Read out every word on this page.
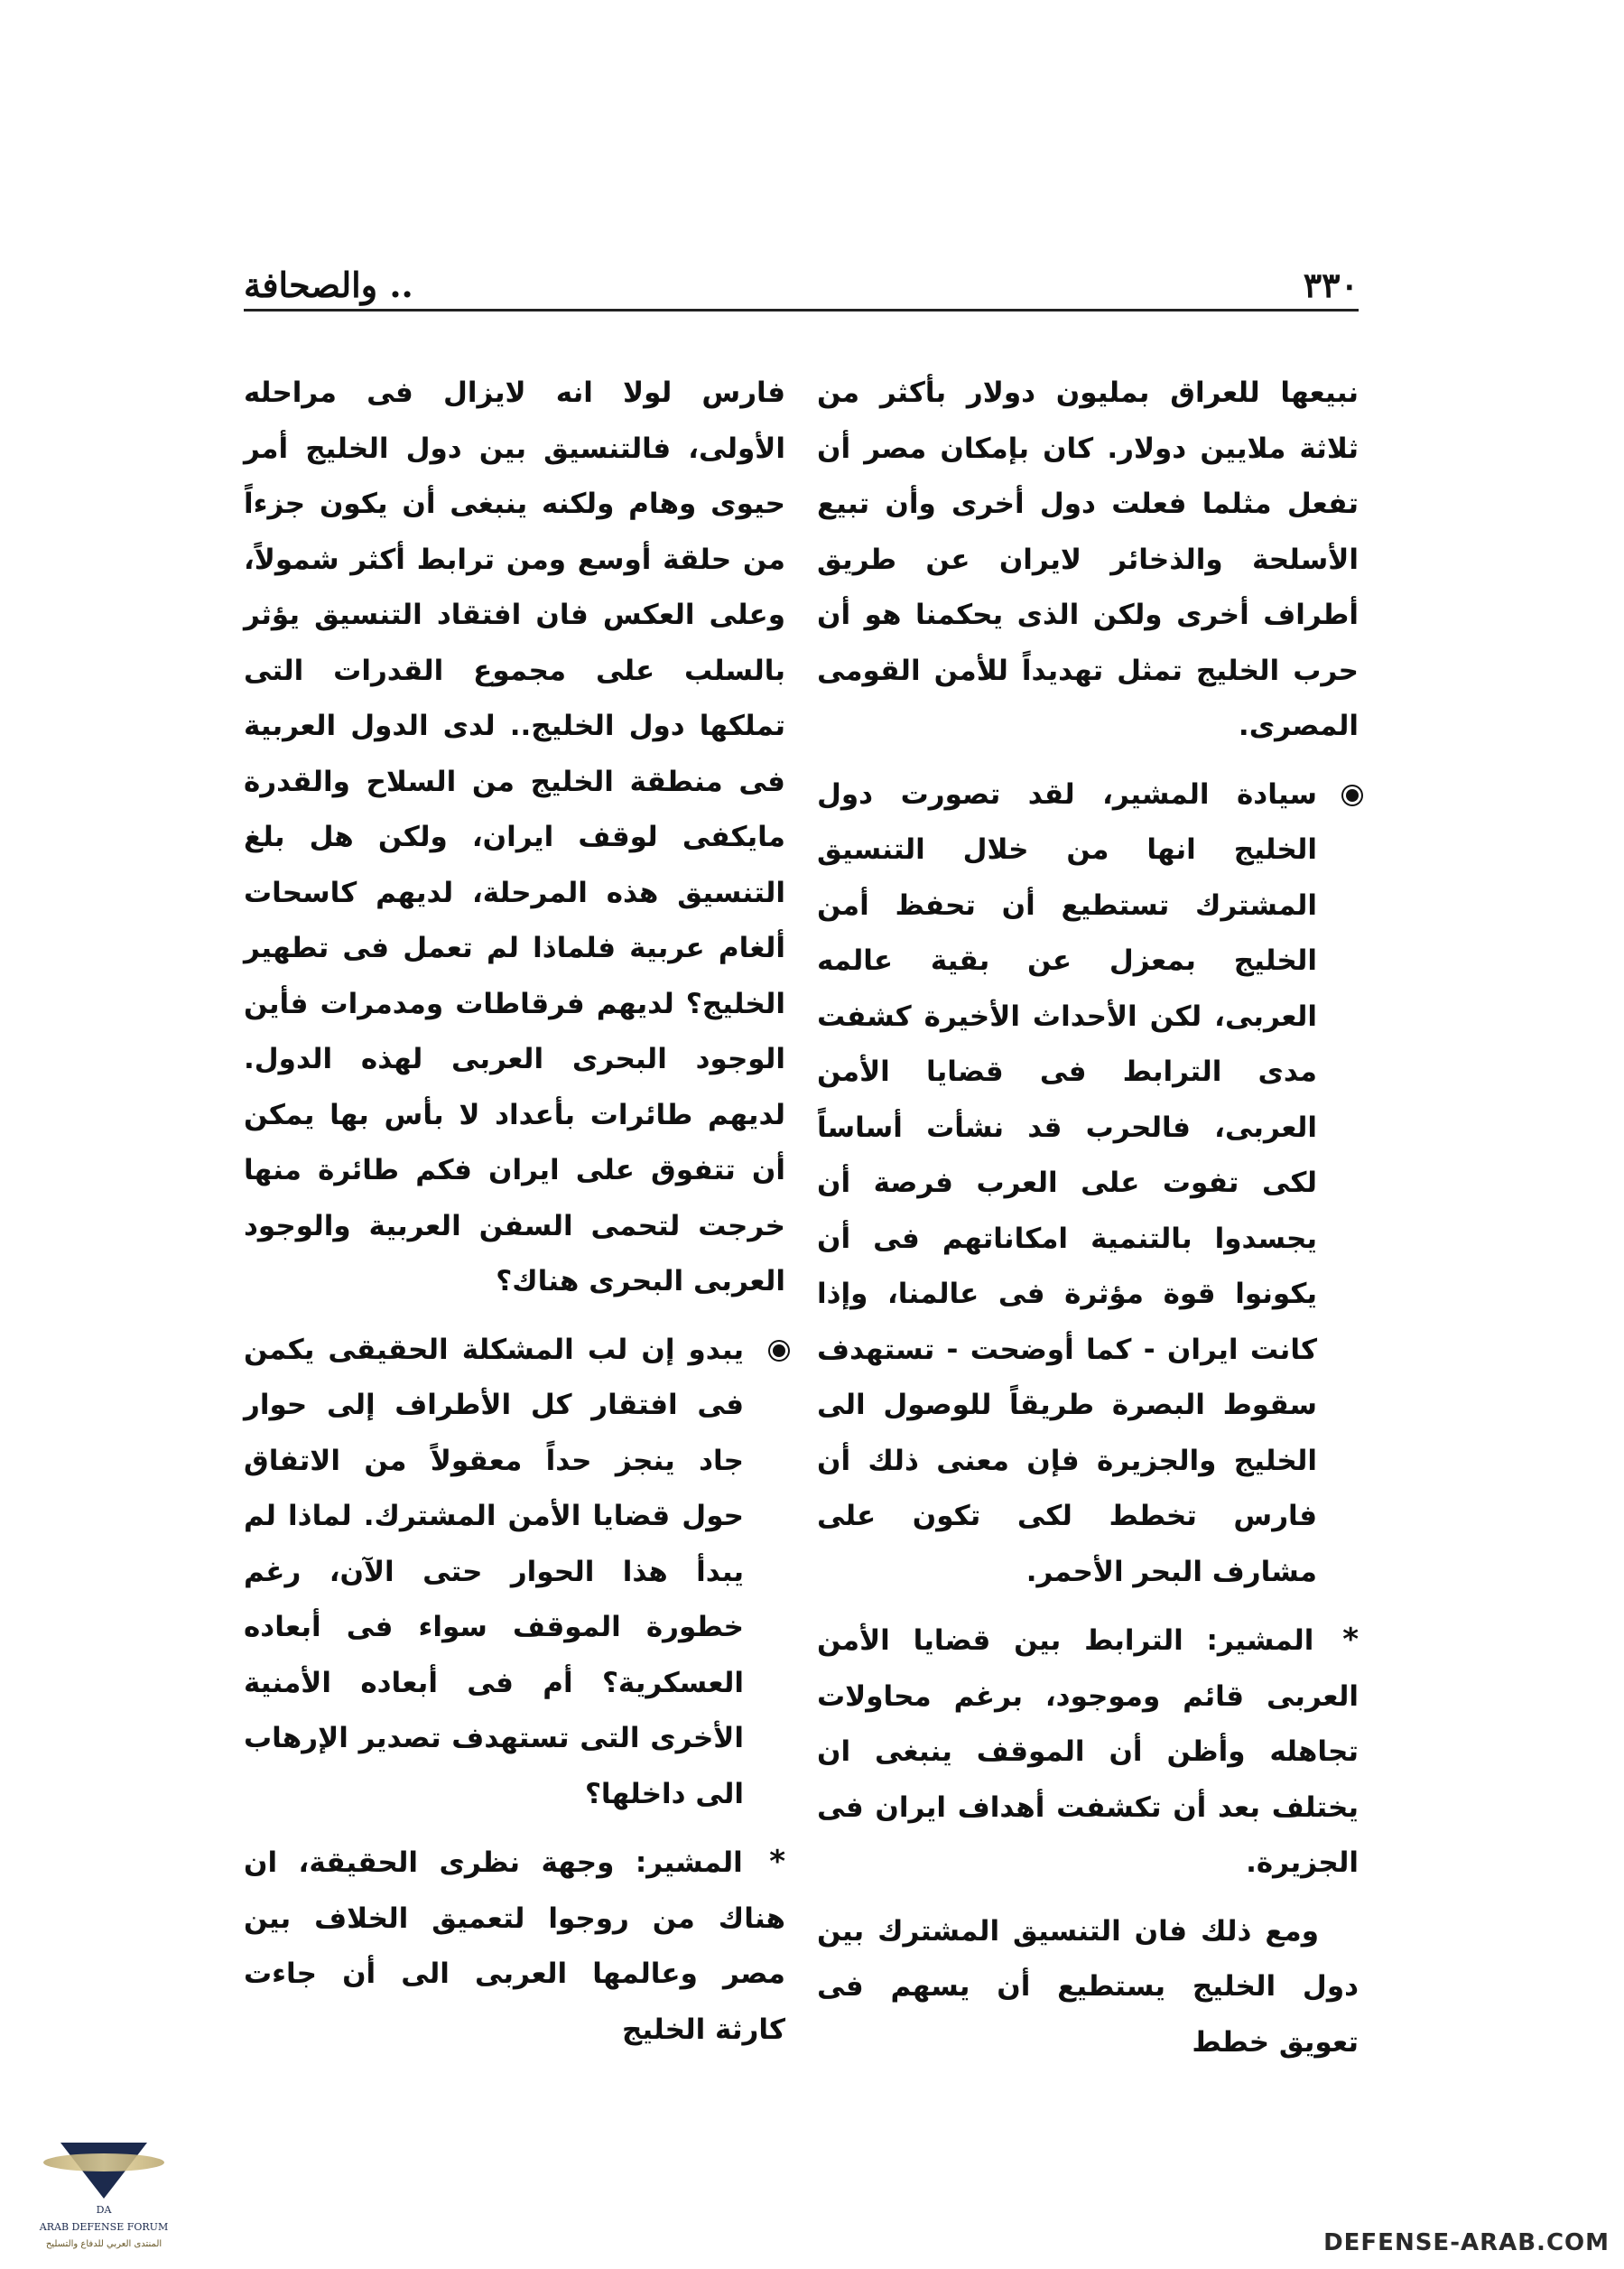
٣٣٠
.. والصحافة

نبيعها للعراق بمليون دولار بأكثر من ثلاثة ملايين دولار. كان بإمكان مصر أن تفعل مثلما فعلت دول أخرى وأن تبيع الأسلحة والذخائر لايران عن طريق أطراف أخرى ولكن الذى يحكمنا هو أن حرب الخليج تمثل تهديداً للأمن القومى المصرى.

سيادة المشير، لقد تصورت دول الخليج انها من خلال التنسيق المشترك تستطيع أن تحفظ أمن الخليج بمعزل عن بقية عالمه العربى، لكن الأحداث الأخيرة كشفت مدى الترابط فى قضايا الأمن العربى، فالحرب قد نشأت أساساً لكى تفوت على العرب فرصة أن يجسدوا بالتنمية امكاناتهم فى أن يكونوا قوة مؤثرة فى عالمنا، وإذا كانت ايران - كما أوضحت - تستهدف سقوط البصرة طريقاً للوصول الى الخليج والجزيرة فإن معنى ذلك أن فارس تخطط لكى تكون على مشارف البحر الأحمر.

* المشير: الترابط بين قضايا الأمن العربى قائم وموجود، برغم محاولات تجاهله وأظن أن الموقف ينبغى ان يختلف بعد أن تكشفت أهداف ايران فى الجزيرة.

ومع ذلك فان التنسيق المشترك بين دول الخليج يستطيع أن يسهم فى تعويق خطط

فارس لولا انه لايزال فى مراحله الأولى، فالتنسيق بين دول الخليج أمر حيوى وهام ولكنه ينبغى أن يكون جزءاً من حلقة أوسع ومن ترابط أكثر شمولاً، وعلى العكس فان افتقاد التنسيق يؤثر بالسلب على مجموع القدرات التى تملكها دول الخليج.. لدى الدول العربية فى منطقة الخليج من السلاح والقدرة مايكفى لوقف ايران، ولكن هل بلغ التنسيق هذه المرحلة، لديهم كاسحات ألغام عربية فلماذا لم تعمل فى تطهير الخليج؟ لديهم فرقاطات ومدمرات فأين الوجود البحرى العربى لهذه الدول. لديهم طائرات بأعداد لا بأس بها يمكن أن تتفوق على ايران فكم طائرة منها خرجت لتحمى السفن العربية والوجود العربى البحرى هناك؟

يبدو إن لب المشكلة الحقيقى يكمن فى افتقار كل الأطراف إلى حوار جاد ينجز حداً معقولاً من الاتفاق حول قضايا الأمن المشترك. لماذا لم يبدأ هذا الحوار حتى الآن، رغم خطورة الموقف سواء فى أبعاده العسكرية؟ أم فى أبعاده الأمنية الأخرى التى تستهدف تصدير الإرهاب الى داخلها؟

* المشير: وجهة نظرى الحقيقة، ان هناك من روجوا لتعميق الخلاف بين مصر وعالمها العربى الى أن جاءت كارثة الخليج

DA
ARAB DEFENSE FORUM
المنتدى العربي للدفاع والتسليح	DEFENSE-ARAB.COM
